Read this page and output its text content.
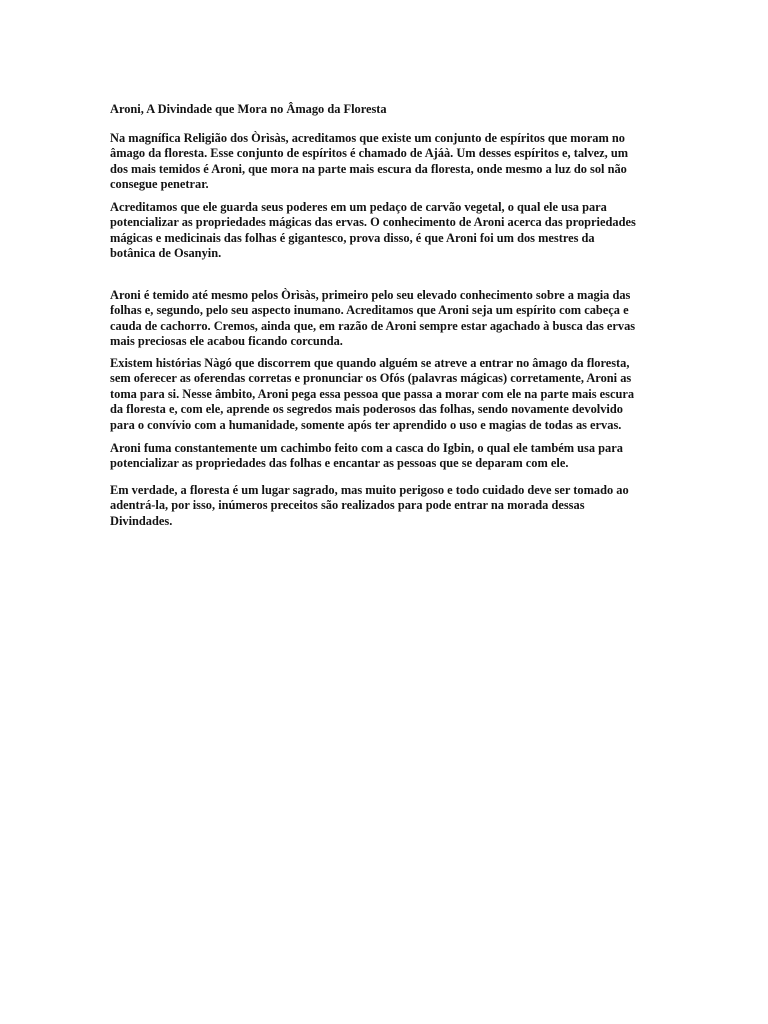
Aroni, A Divindade que Mora no Âmago da Floresta
Na magnífica Religião dos Òrìsàs, acreditamos que existe um conjunto de espíritos que moram no
âmago da floresta. Esse conjunto de espíritos é chamado de Ajáà. Um desses espíritos e, talvez, um
dos mais temidos é Aroni, que mora na parte mais escura da floresta, onde mesmo a luz do sol não
consegue penetrar.
Acreditamos que ele guarda seus poderes em um pedaço de carvão vegetal, o qual ele usa para
potencializar as propriedades mágicas das ervas. O conhecimento de Aroni acerca das propriedades
mágicas e medicinais das folhas é gigantesco, prova disso, é que Aroni foi um dos mestres da
botânica de Osanyin.
Aroni é temido até mesmo pelos Òrìsàs, primeiro pelo seu elevado conhecimento sobre a magia das
folhas e, segundo, pelo seu aspecto inumano. Acreditamos que Aroni seja um espírito com cabeça e
cauda de cachorro. Cremos, ainda que, em razão de Aroni sempre estar agachado à busca das ervas
mais preciosas ele acabou ficando corcunda.
Existem histórias Nàgó que discorrem que quando alguém se atreve a entrar no âmago da floresta,
sem oferecer as oferendas corretas e pronunciar os Ofós (palavras mágicas) corretamente, Aroni as
toma para si. Nesse âmbito, Aroni pega essa pessoa que passa a morar com ele na parte mais escura
da floresta e, com ele, aprende os segredos mais poderosos das folhas, sendo novamente devolvido
para o convívio com a humanidade, somente após ter aprendido o uso e magias de todas as ervas.
Aroni fuma constantemente um cachimbo feito com a casca do Igbin, o qual ele também usa para
potencializar as propriedades das folhas e encantar as pessoas que se deparam com ele.
Em verdade, a floresta é um lugar sagrado, mas muito perigoso e todo cuidado deve ser tomado ao
adentrá-la, por isso, inúmeros preceitos são realizados para pode entrar na morada dessas
Divindades.
